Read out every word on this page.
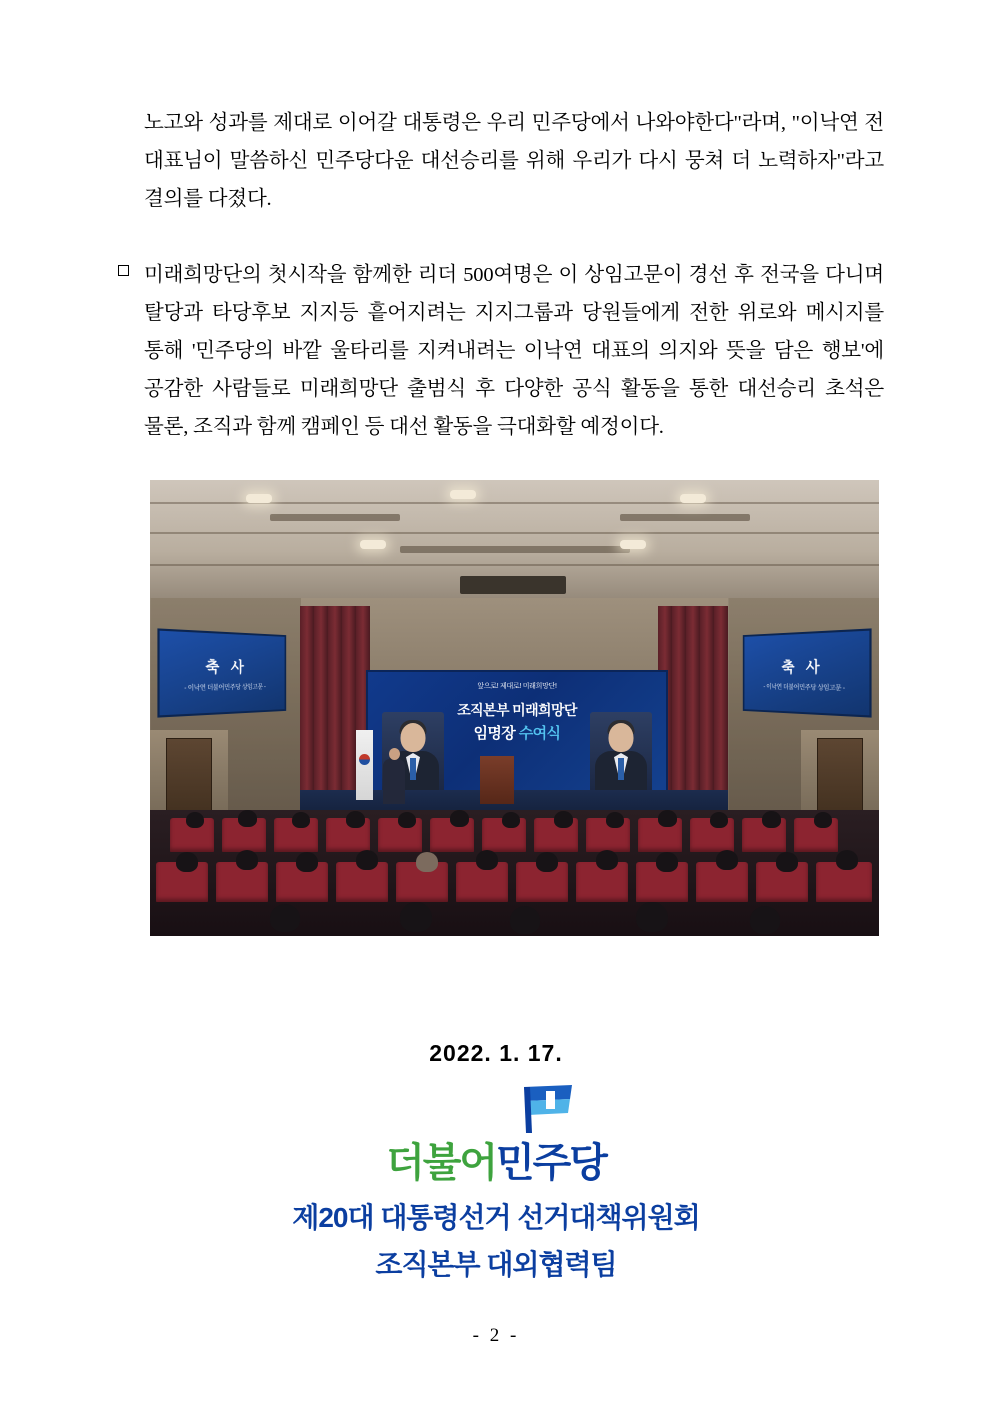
노고와 성과를 제대로 이어갈 대통령은 우리 민주당에서 나와야한다"라며, "이낙연 전 대표님이 말씀하신 민주당다운 대선승리를 위해 우리가 다시 뭉쳐 더 노력하자"라고 결의를 다졌다.

미래희망단의 첫시작을 함께한 리더 500여명은 이 상임고문이 경선 후 전국을 다니며 탈당과 타당후보 지지등 흩어지려는 지지그룹과 당원들에게 전한 위로와 메시지를 통해 '민주당의 바깥 울타리를 지켜내려는 이낙연 대표의 의지와 뜻을 담은 행보'에 공감한 사람들로 미래희망단 출범식 후 다양한 공식 활동을 통한 대선승리 초석은 물론, 조직과 함께 캠페인 등 대선 활동을 극대화할 예정이다.

축 사
- 이낙연 더불어민주당 상임고문 -
축 사
- 이낙연 더불어민주당 상임고문 -
앞으로! 제대로! 미래희망단!
조직본부 미래희망단
임명장 수여식
2022. 1. 17.
더불어민주당
제20대 대통령선거 선거대책위원회
조직본부 대외협력팀
- 2 -
